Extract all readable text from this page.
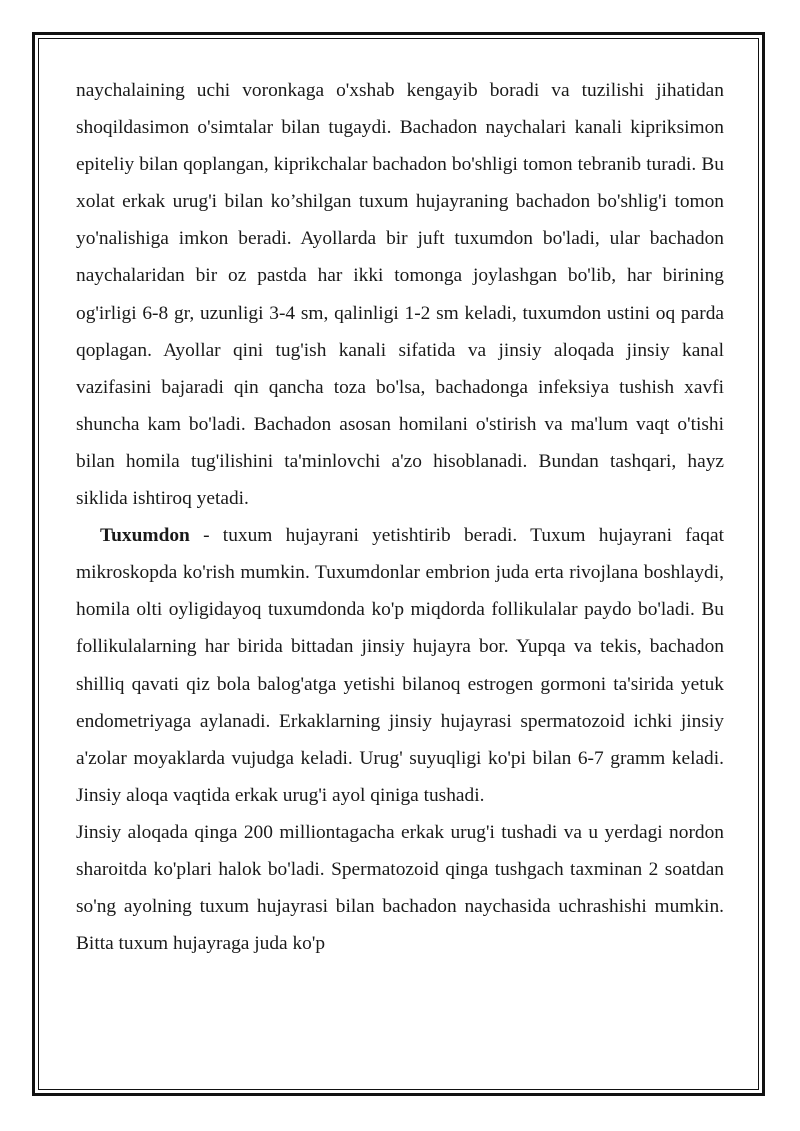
naychalaining uchi voronkaga o'xshab kengayib boradi va tuzilishi jihatidan shoqildasimon o'simtalar bilan tugaydi. Bachadon naychalari kanali kipriksimon epiteliy bilan qoplangan, kiprikchalar bachadon bo'shligi tomon tebranib turadi. Bu xolat erkak urug'i bilan ko’shilgan tuxum hujayraning bachadon bo'shlig'i tomon yo'nalishiga imkon beradi. Ayollarda bir juft tuxumdon bo'ladi, ular bachadon naychalaridan bir oz pastda har ikki tomonga joylashgan bo'lib, har birining og'irligi 6-8 gr, uzunligi 3-4 sm, qalinligi 1-2 sm keladi, tuxumdon ustini oq parda qoplagan. Ayollar qini tug'ish kanali sifatida va jinsiy aloqada jinsiy kanal vazifasini bajaradi qin qancha toza bo'lsa, bachadonga infeksiya tushish xavfi shuncha kam bo'ladi. Bachadon asosan homilani o'stirish va ma'lum vaqt o'tishi bilan homila tug'ilishini ta'minlovchi a'zo hisoblanadi. Bundan tashqari, hayz siklida ishtiroq yetadi.

Tuxumdon - tuxum hujayrani yetishtirib beradi. Tuxum hujayrani faqat mikroskopda ko'rish mumkin. Tuxumdonlar embrion juda erta rivojlana boshlaydi, homila olti oyligidayoq tuxumdonda ko'p miqdorda follikulalar paydo bo'ladi. Bu follikulalarning har birida bittadan jinsiy hujayra bor. Yupqa va tekis, bachadon shilliq qavati qiz bola balog'atga yetishi bilanoq estrogen gormoni ta'sirida yetuk endometriyaga aylanadi. Erkaklarning jinsiy hujayrasi spermatozoid ichki jinsiy a'zolar moyaklarda vujudga keladi. Urug' suyuqligi ko'pi bilan 6-7 gramm keladi. Jinsiy aloqa vaqtida erkak urug'i ayol qiniga tushadi.

Jinsiy aloqada qinga 200 milliontagacha erkak urug'i tushadi va u yerdagi nordon sharoitda ko'plari halok bo'ladi. Spermatozoid qinga tushgach taxminan 2 soatdan so'ng ayolning tuxum hujayrasi bilan bachadon naychasida uchrashishi mumkin. Bitta tuxum hujayraga juda ko'p
